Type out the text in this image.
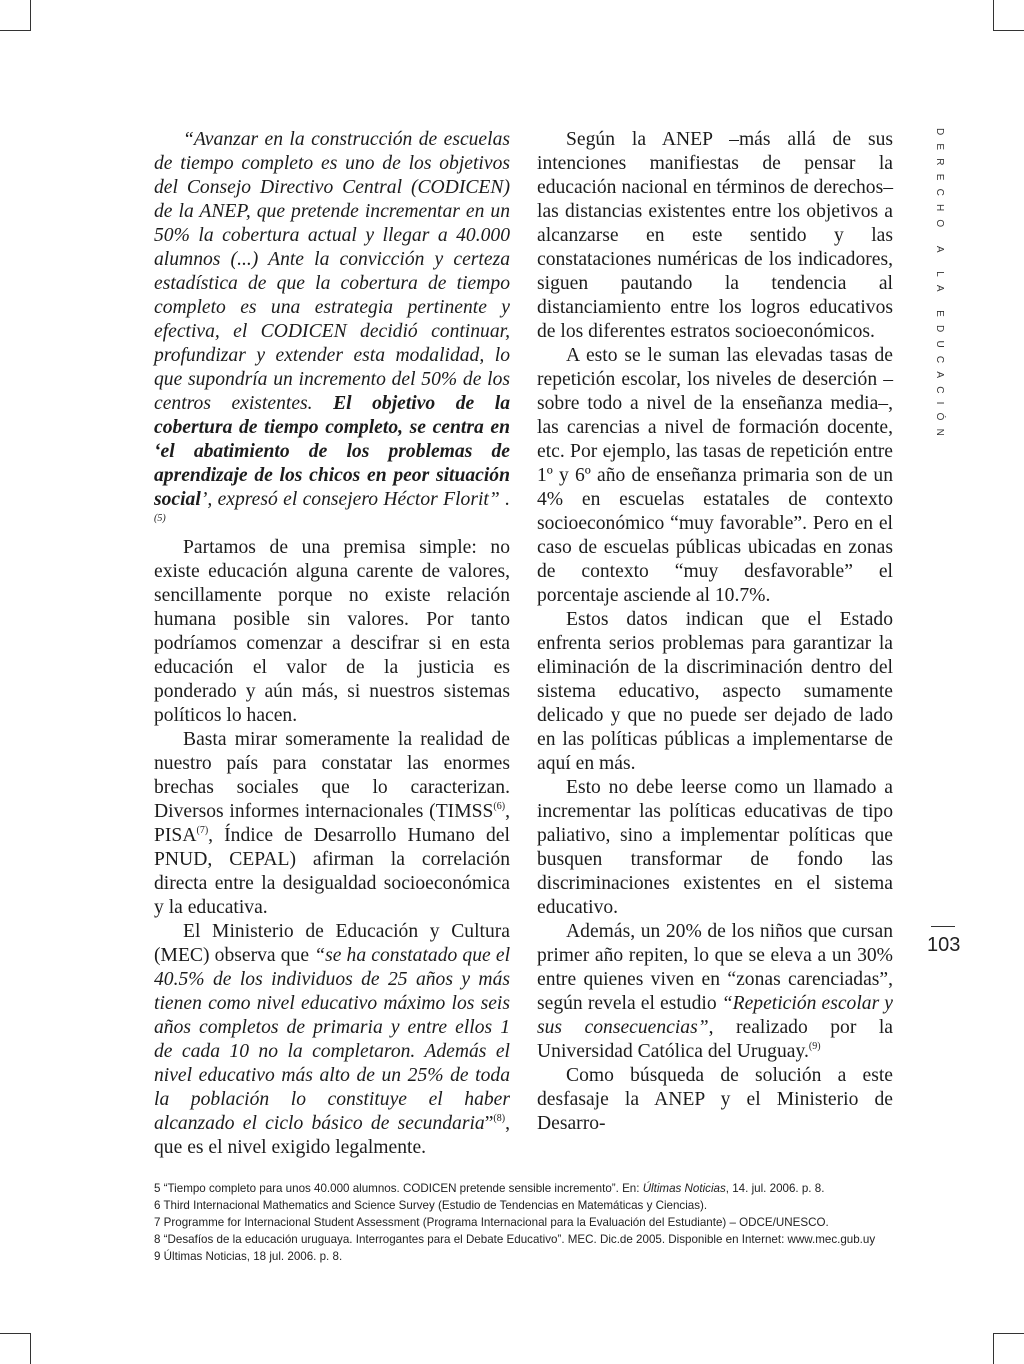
“Avanzar en la construcción de escuelas de tiempo completo es uno de los objetivos del Consejo Directivo Central (CODICEN) de la ANEP, que pretende incrementar en un 50% la cobertura actual y llegar a 40.000 alumnos (...) Ante la convicción y certeza estadística de que la cobertura de tiempo completo es una estrategia pertinente y efectiva, el CODICEN decidió continuar, profundizar y extender esta modalidad, lo que supondría un incremento del 50% de los centros existentes. El objetivo de la cobertura de tiempo completo, se centra en ‘el abatimiento de los problemas de aprendizaje de los chicos en peor situación social’, expresó el consejero Héctor Florit” .$^{(5)}$

Partamos de una premisa simple: no existe educación alguna carente de valores, sencillamente porque no existe relación humana posible sin valores. Por tanto podríamos comenzar a descifrar si en esta educación el valor de la justicia es ponderado y aún más, si nuestros sistemas políticos lo hacen.

Basta mirar someramente la realidad de nuestro país para constatar las enormes brechas sociales que lo caracterizan. Diversos informes internacionales (TIMSS$^{(6)}$, PISA$^{(7)}$, Índice de Desarrollo Humano del PNUD, CEPAL) afirman la correlación directa entre la desigualdad socioeconómica y la educativa.

El Ministerio de Educación y Cultura (MEC) observa que “se ha constatado que el 40.5% de los individuos de 25 años y más tienen como nivel educativo máximo los seis años completos de primaria y entre ellos 1 de cada 10 no la completaron. Además el nivel educativo más alto de un 25% de toda la población lo constituye el haber alcanzado el ciclo básico de secundaria”$^{(8)}$, que es el nivel exigido legalmente.

Según la ANEP –más allá de sus intenciones manifiestas de pensar la educación nacional en términos de derechos– las distancias existentes entre los objetivos a alcanzarse en este sentido y las constataciones numéricas de los indicadores, siguen pautando la tendencia al distanciamiento entre los logros educativos de los diferentes estratos socioeconómicos.

A esto se le suman las elevadas tasas de repetición escolar, los niveles de deserción –sobre todo a nivel de la enseñanza media–, las carencias a nivel de formación docente, etc. Por ejemplo, las tasas de repetición entre 1º y 6º año de enseñanza primaria son de un 4% en escuelas estatales de contexto socioeconómico “muy favorable”. Pero en el caso de escuelas públicas ubicadas en zonas de contexto “muy desfavorable” el porcentaje asciende al 10.7%.

Estos datos indican que el Estado enfrenta serios problemas para garantizar la eliminación de la discriminación dentro del sistema educativo, aspecto sumamente delicado y que no puede ser dejado de lado en las políticas públicas a implementarse de aquí en más.

Esto no debe leerse como un llamado a incrementar las políticas educativas de tipo paliativo, sino a implementar políticas que busquen transformar de fondo las discriminaciones existentes en el sistema educativo.

Además, un 20% de los niños que cursan primer año repiten, lo que se eleva a un 30% entre quienes viven en “zonas carenciadas”, según revela el estudio “Repetición escolar y sus consecuencias”, realizado por la Universidad Católica del Uruguay.$^{(9)}$

Como búsqueda de solución a este desfasaje la ANEP y el Ministerio de Desarro-

DERECHO A LA EDUCACIÓN
103

5 “Tiempo completo para unos 40.000 alumnos. CODICEN pretende sensible incremento”. En: Últimas Noticias, 14. jul. 2006. p. 8.

6 Third Internacional Mathematics and Science Survey (Estudio de Tendencias en Matemáticas y Ciencias).

7 Programme for Internacional Student Assessment (Programa Internacional para la Evaluación del Estudiante) – ODCE/UNESCO.

8 “Desafíos de la educación uruguaya. Interrogantes para el Debate Educativo”. MEC. Dic.de 2005. Disponible en Internet: www.mec.gub.uy

9 Últimas Noticias, 18 jul. 2006. p. 8.
